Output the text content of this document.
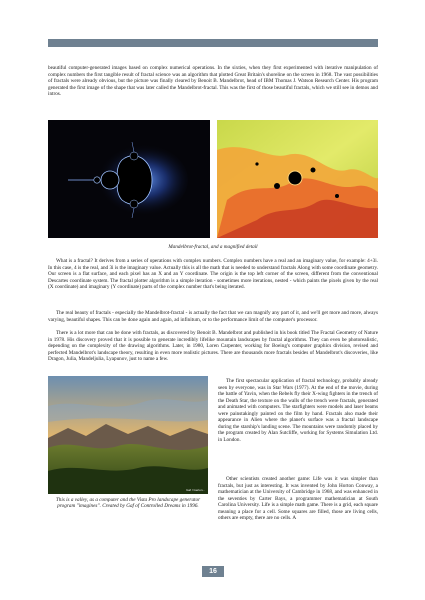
beautiful computer-generated images based on complex numerical operations. In the sixties, when they first experimented with iterative manipulation of complex numbers the first tangible result of fractal science was an algorithm that plotted Great Britain's shoreline on the screen in 1968. The vast possibilities of fractals were already obvious, but the picture was finally cleared by Benoit B. Mandelbrot, head of IBM Thomas J. Watson Research Center. His program generated the first image of the shape that was later called the Mandelbrot-fractal. This was the first of those beautiful fractals, which we still see in demos and intros.

Mandelbrot-fractal, and a magnified detail

What is a fractal? It derives from a series of operations with complex numbers. Complex numbers have a real and an imaginary value, for example: 4+3i. In this case, 4 is the real, and 3i is the imaginary value. Actually this is all the math that is needed to understand fractals Along with some coordinate geometry. Our screen is a flat surface, and each pixel has an X and an Y coordinate. The origin is the top left corner of the screen, different from the conventional Descartes coordinate system. The fractal plotter algorithm is a simple iteration - sometimes more iterations, nested - which paints the pixels given by the real (X coordinate) and imaginary (Y coordinate) parts of the complex number that's being iterated.

The real beauty of fractals - especially the Mandelbrot-fractal - is actually the fact that we can magnify any part of it, and we'll get more and more, always varying, beautiful shapes. This can be done again and again, ad infinitum, or to the performance limit of the computer's processor.

There is a lot more that can be done with fractals, as discovered by Benoit B. Mandelbrot and published in his book titled The Fractal Geometry of Nature in 1978. His discovery proved that it is possible to generate incredibly lifelike mountain landscapes by fractal algorithms. They can even be photorealistic, depending on the complexity of the drawing algorithms. Later, in 1980, Loren Carpenter, working for Boeing's computer graphics division, revised and perfected Mandelbrot's landscape theory, resulting in even more realistic pictures. There are thousands more fractals besides of Mandelbrot's discoveries, like Dragon, Julia, Mandeljulia, Lyapunov, just to name a few.

Gaf / Gerion...

This is a valley, as a computer and the Vista Pro landscape generator program "imagines". Created by Gaf of Controlled Dreams in 1996.

The first spectacular application of fractal technology, probably already seen by everyone, was in Star Wars (1977). At the end of the movie, during the battle of Yavin, when the Rebels fly their X-wing fighters in the trench of the Death Star, the texture on the walls of the trench were fractals, generated and animated with computers. The starfighters were models and laser beams were painstakingly painted on the film by hand. Fractals also made their appearance in Alien where the planet's surface was a fractal landscape during the starship's landing scene. The mountains were randomly placed by the program created by Alan Sutcliffe, working for Systems Simulation Ltd. in London.

Other scientists created another game: Life was it was simpler than fractals, but just as interesting. It was invented by John Horton Conway, a mathematician at the University of Cambridge in 1968, and was enhanced in the seventies by Carter Bays, a programmer mathematician at South Carolina University. Life is a simple math game. There is a grid, each square meaning a place for a cell. Some squares are filled, those are living cells, others are empty, there are no cells. A

16
